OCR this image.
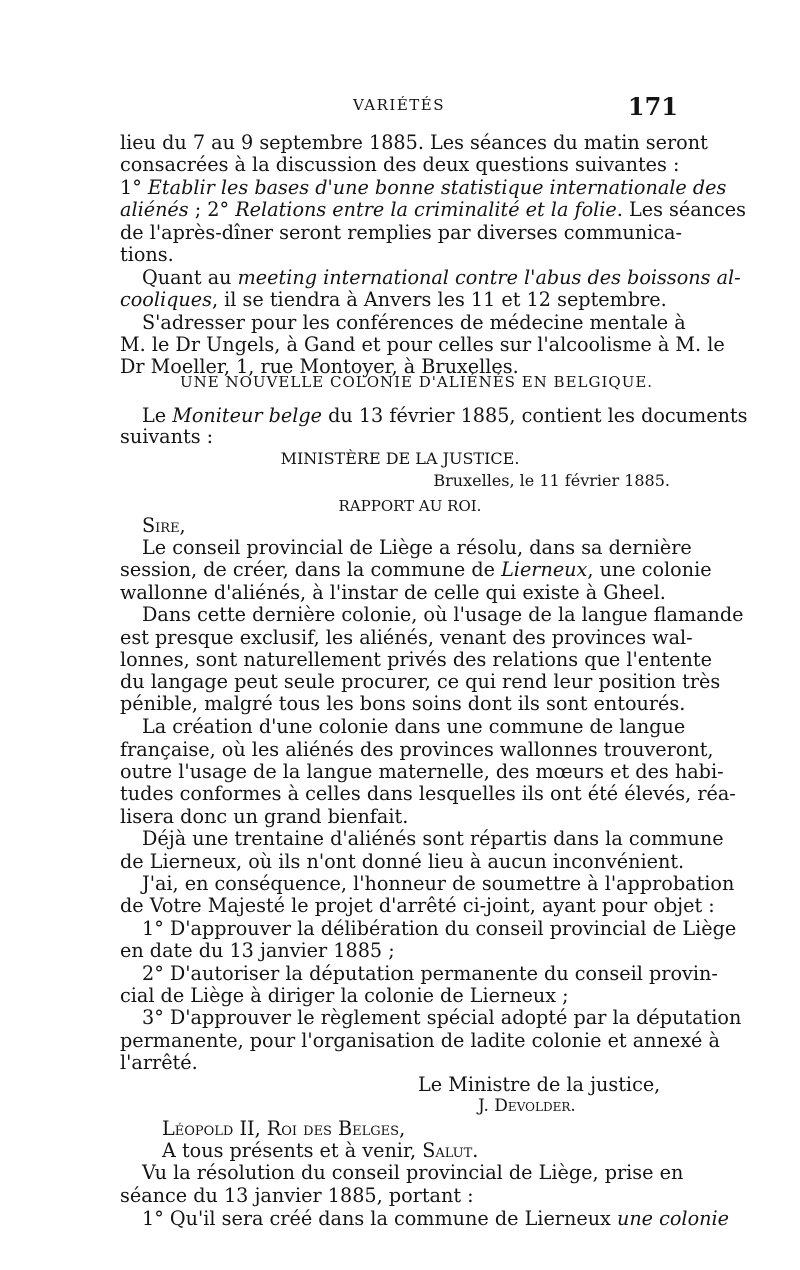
VARIÉTÉS	171
lieu du 7 au 9 septembre 1885. Les séances du matin seront
consacrées à la discussion des deux questions suivantes :
1° Etablir les bases d'une bonne statistique internationale des
aliénés ; 2° Relations entre la criminalité et la folie. Les séances
de l'après-dîner seront remplies par diverses communica-
tions.
Quant au meeting international contre l'abus des boissons al-
cooliques, il se tiendra à Anvers les 11 et 12 septembre.
S'adresser pour les conférences de médecine mentale à
M. le Dr Ungels, à Gand et pour celles sur l'alcoolisme à M. le
Dr Moeller, 1, rue Montoyer, à Bruxelles.
UNE NOUVELLE COLONIE D'ALIÉNÉS EN BELGIQUE.
Le Moniteur belge du 13 février 1885, contient les documents
suivants :
MINISTÈRE DE LA JUSTICE.
Bruxelles, le 11 février 1885.
RAPPORT AU ROI.
Sire,
Le conseil provincial de Liège a résolu, dans sa dernière
session, de créer, dans la commune de Lierneux, une colonie
wallonne d'aliénés, à l'instar de celle qui existe à Gheel.
Dans cette dernière colonie, où l'usage de la langue flamande
est presque exclusif, les aliénés, venant des provinces wal-
lonnes, sont naturellement privés des relations que l'entente
du langage peut seule procurer, ce qui rend leur position très
pénible, malgré tous les bons soins dont ils sont entourés.
La création d'une colonie dans une commune de langue
française, où les aliénés des provinces wallonnes trouveront,
outre l'usage de la langue maternelle, des mœurs et des habi-
tudes conformes à celles dans lesquelles ils ont été élevés, réa-
lisera donc un grand bienfait.
Déjà une trentaine d'aliénés sont répartis dans la commune
de Lierneux, où ils n'ont donné lieu à aucun inconvénient.
J'ai, en conséquence, l'honneur de soumettre à l'approbation
de Votre Majesté le projet d'arrêté ci-joint, ayant pour objet :
1° D'approuver la délibération du conseil provincial de Liège
en date du 13 janvier 1885 ;
2° D'autoriser la députation permanente du conseil provin-
cial de Liège à diriger la colonie de Lierneux ;
3° D'approuver le règlement spécial adopté par la députation
permanente, pour l'organisation de ladite colonie et annexé à
l'arrêté.
Le Ministre de la justice,
J. Devolder.
Léopold II, Roi des Belges,
A tous présents et à venir, Salut.
Vu la résolution du conseil provincial de Liège, prise en
séance du 13 janvier 1885, portant :
1° Qu'il sera créé dans la commune de Lierneux une colonie
